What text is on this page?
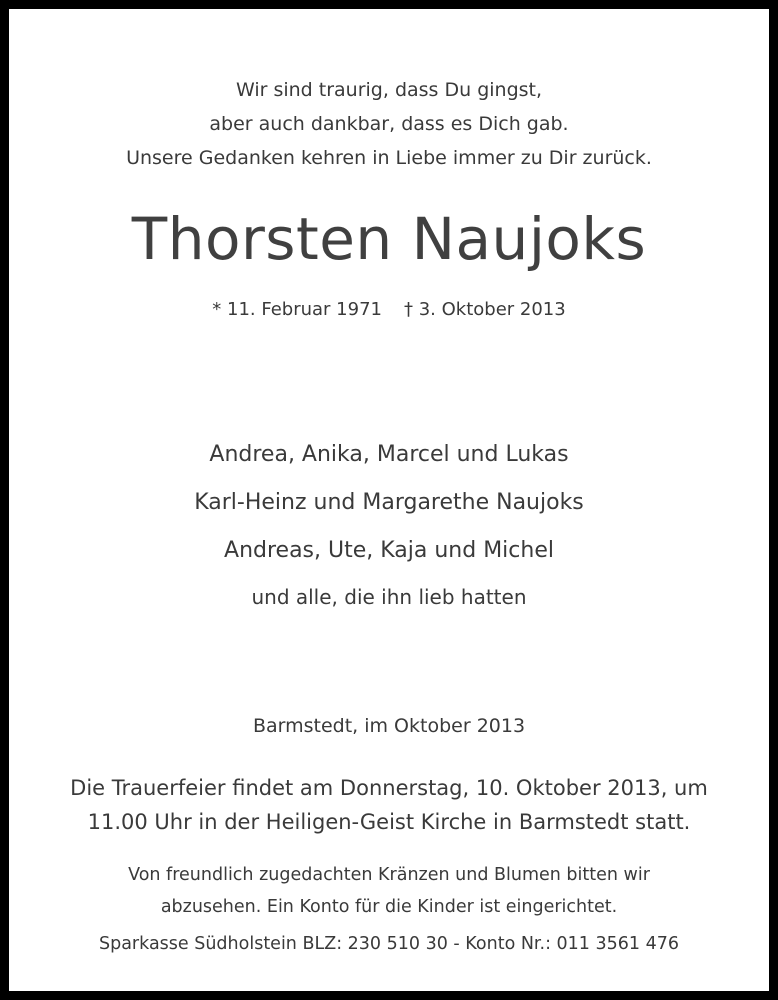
Wir sind traurig, dass Du gingst,
aber auch dankbar, dass es Dich gab.
Unsere Gedanken kehren in Liebe immer zu Dir zurück.
Thorsten Naujoks
* 11. Februar 1971 † 3. Oktober 2013
Andrea, Anika, Marcel und Lukas
Karl-Heinz und Margarethe Naujoks
Andreas, Ute, Kaja und Michel
und alle, die ihn lieb hatten
Barmstedt, im Oktober 2013
Die Trauerfeier findet am Donnerstag, 10. Oktober 2013, um
11.00 Uhr in der Heiligen-Geist Kirche in Barmstedt statt.
Von freundlich zugedachten Kränzen und Blumen bitten wir
abzusehen. Ein Konto für die Kinder ist eingerichtet.
Sparkasse Südholstein BLZ: 230 510 30 - Konto Nr.: 011 3561 476
